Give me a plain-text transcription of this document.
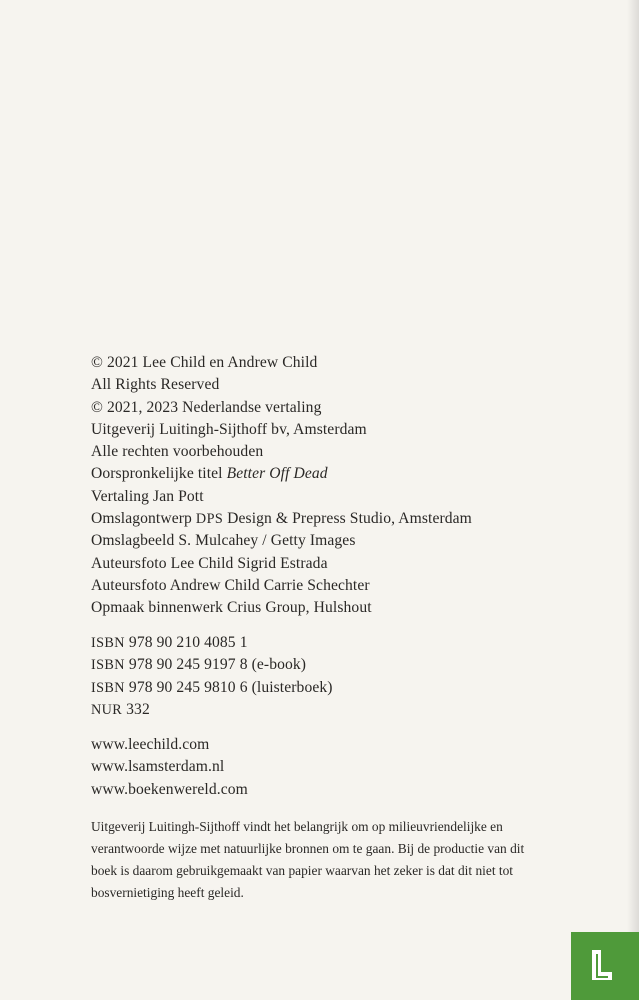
© 2021 Lee Child en Andrew Child
All Rights Reserved
© 2021, 2023 Nederlandse vertaling
Uitgeverij Luitingh-Sijthoff bv, Amsterdam
Alle rechten voorbehouden
Oorspronkelijke titel Better Off Dead
Vertaling Jan Pott
Omslagontwerp DPS Design & Prepress Studio, Amsterdam
Omslagbeeld S. Mulcahey / Getty Images
Auteursfoto Lee Child Sigrid Estrada
Auteursfoto Andrew Child Carrie Schechter
Opmaak binnenwerk Crius Group, Hulshout
ISBN 978 90 210 4085 1
ISBN 978 90 245 9197 8 (e-book)
ISBN 978 90 245 9810 6 (luisterboek)
NUR 332
www.leechild.com
www.lsamsterdam.nl
www.boekenwereld.com
Uitgeverij Luitingh-Sijthoff vindt het belangrijk om op milieuvriendelijke en
verantwoorde wijze met natuurlijke bronnen om te gaan. Bij de productie van dit
boek is daarom gebruikgemaakt van papier waarvan het zeker is dat dit niet tot
bosvernietiging heeft geleid.
